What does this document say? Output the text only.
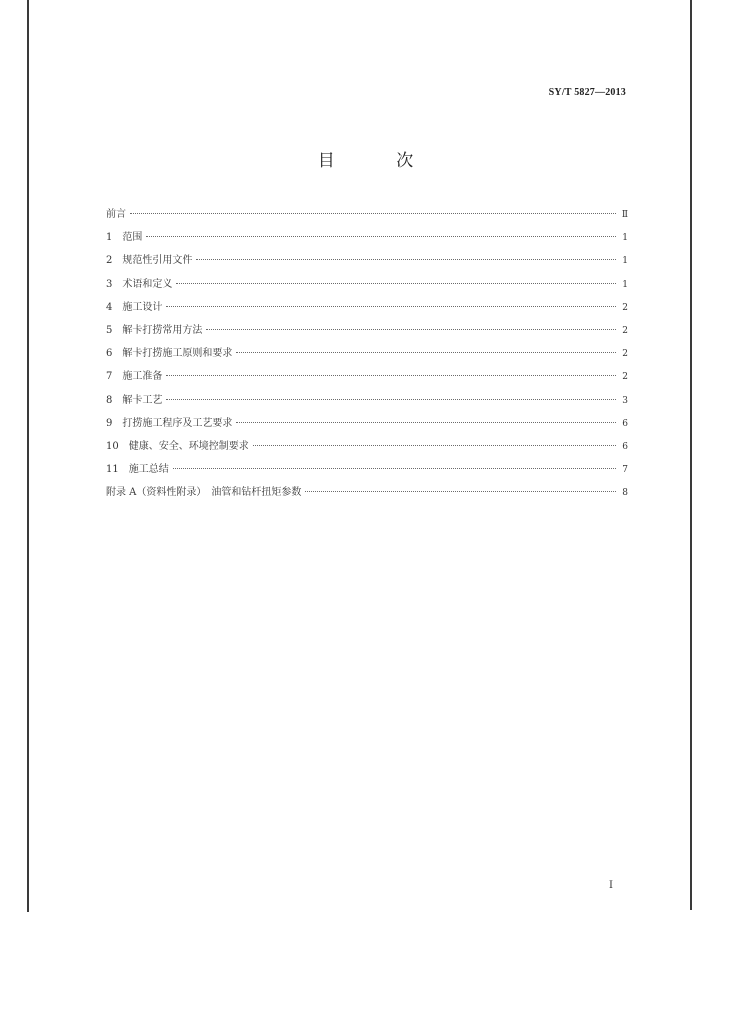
SY/T 5827—2013
目 次
前言	Ⅱ
1　范围	1
2　规范性引用文件	1
3　术语和定义	1
4　施工设计	2
5　解卡打捞常用方法	2
6　解卡打捞施工原则和要求	2
7　施工准备	2
8　解卡工艺	3
9　打捞施工程序及工艺要求	6
10　健康、安全、环境控制要求	6
11　施工总结	7
附录 A（资料性附录）　油管和钻杆扭矩参数	8
I
